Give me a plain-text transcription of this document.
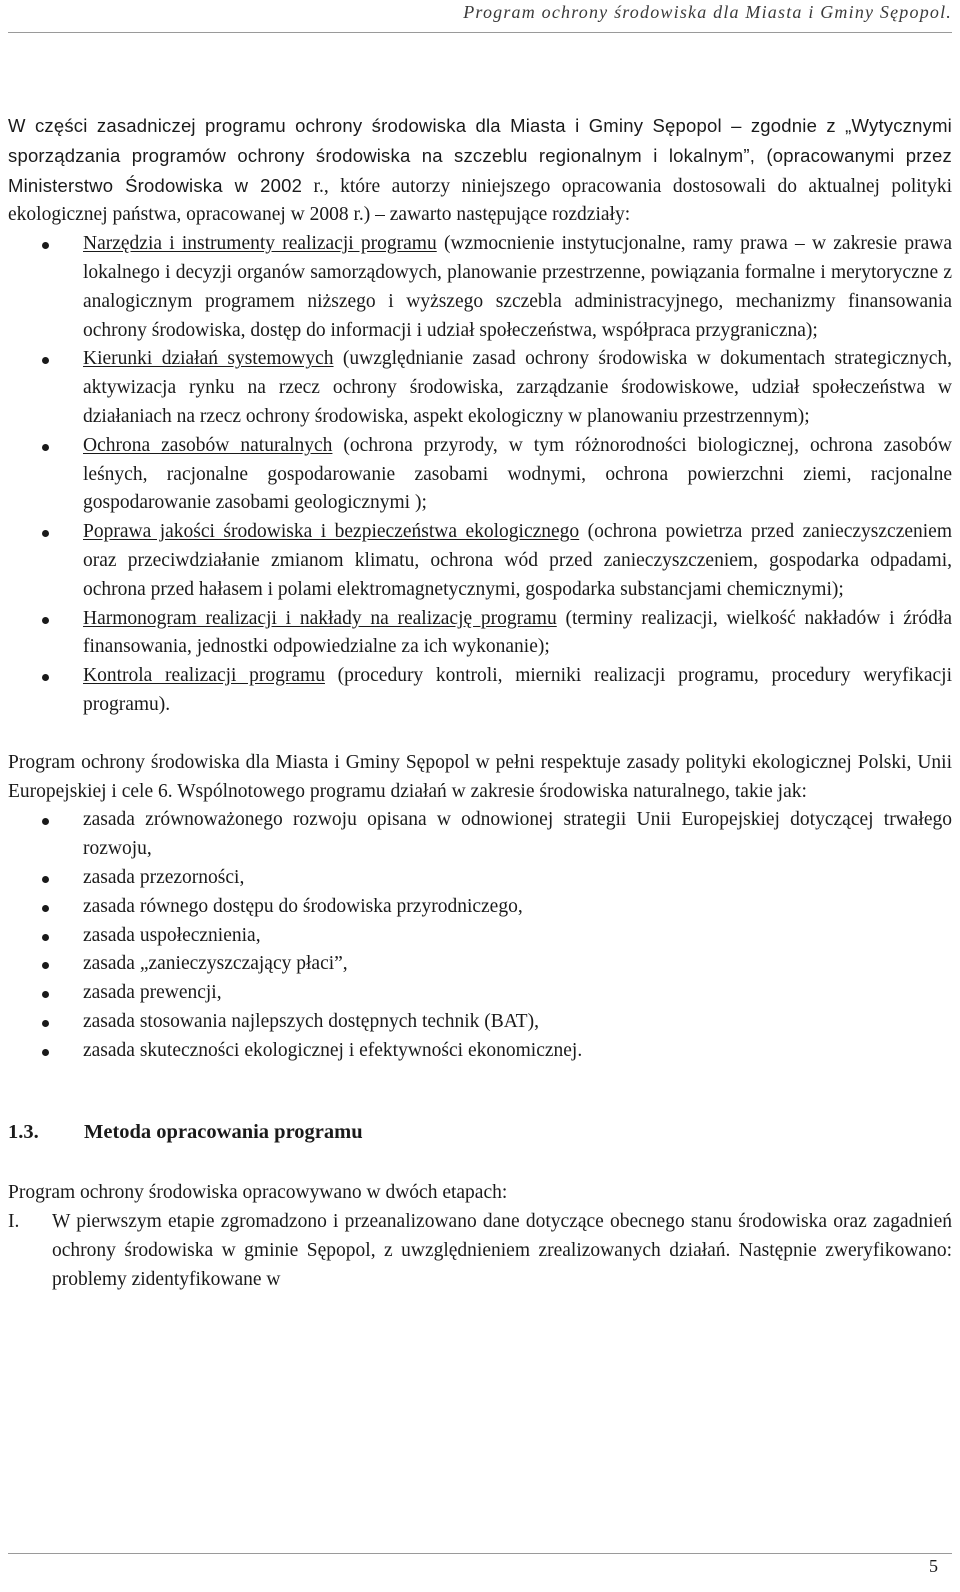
Program ochrony środowiska dla Miasta i Gminy Sępopol.

W części zasadniczej programu ochrony środowiska dla Miasta i Gminy Sępopol – zgodnie z „Wytycznymi sporządzania programów ochrony środowiska na szczeblu regionalnym i lokalnym”, (opracowanymi przez Ministerstwo Środowiska w 2002 r., które autorzy niniejszego opracowania dostosowali do aktualnej polityki ekologicznej państwa, opracowanej w 2008 r.) – zawarto następujące rozdziały:

Narzędzia i instrumenty realizacji programu (wzmocnienie instytucjonalne, ramy prawa – w zakresie prawa lokalnego i decyzji organów samorządowych, planowanie przestrzenne, powiązania formalne i merytoryczne z analogicznym programem niższego i wyższego szczebla administracyjnego, mechanizmy finansowania ochrony środowiska, dostęp do informacji i udział społeczeństwa, współpraca przygraniczna);
Kierunki działań systemowych (uwzględnianie zasad ochrony środowiska w dokumentach strategicznych, aktywizacja rynku na rzecz ochrony środowiska, zarządzanie środowiskowe, udział społeczeństwa w działaniach na rzecz ochrony środowiska, aspekt ekologiczny w planowaniu przestrzennym);
Ochrona zasobów naturalnych (ochrona przyrody, w tym różnorodności biologicznej, ochrona zasobów leśnych, racjonalne gospodarowanie zasobami wodnymi, ochrona powierzchni ziemi, racjonalne gospodarowanie zasobami geologicznymi );
Poprawa jakości środowiska i bezpieczeństwa ekologicznego (ochrona powietrza przed zanieczyszczeniem oraz przeciwdziałanie zmianom klimatu, ochrona wód przed zanieczyszczeniem, gospodarka odpadami, ochrona przed hałasem i polami elektromagnetycznymi, gospodarka substancjami chemicznymi);
Harmonogram realizacji i nakłady na realizację programu (terminy realizacji, wielkość nakładów i źródła finansowania, jednostki odpowiedzialne za ich wykonanie);
Kontrola realizacji programu (procedury kontroli, mierniki realizacji programu, procedury weryfikacji programu).

Program ochrony środowiska dla Miasta i Gminy Sępopol w pełni respektuje zasady polityki ekologicznej Polski, Unii Europejskiej i cele 6. Wspólnotowego programu działań w zakresie środowiska naturalnego, takie jak:

zasada zrównoważonego rozwoju opisana w odnowionej strategii Unii Europejskiej dotyczącej trwałego rozwoju,
zasada przezorności,
zasada równego dostępu do środowiska przyrodniczego,
zasada uspołecznienia,
zasada „zanieczyszczający płaci”,
zasada prewencji,
zasada stosowania najlepszych dostępnych technik (BAT),
zasada skuteczności ekologicznej i efektywności ekonomicznej.
1.3.	Metoda opracowania programu

Program ochrony środowiska opracowywano w dwóch etapach:

I. W pierwszym etapie zgromadzono i przeanalizowano dane dotyczące obecnego stanu środowiska oraz zagadnień ochrony środowiska w gminie Sępopol, z uwzględnieniem zrealizowanych działań. Następnie zweryfikowano: problemy zidentyfikowane w
5
